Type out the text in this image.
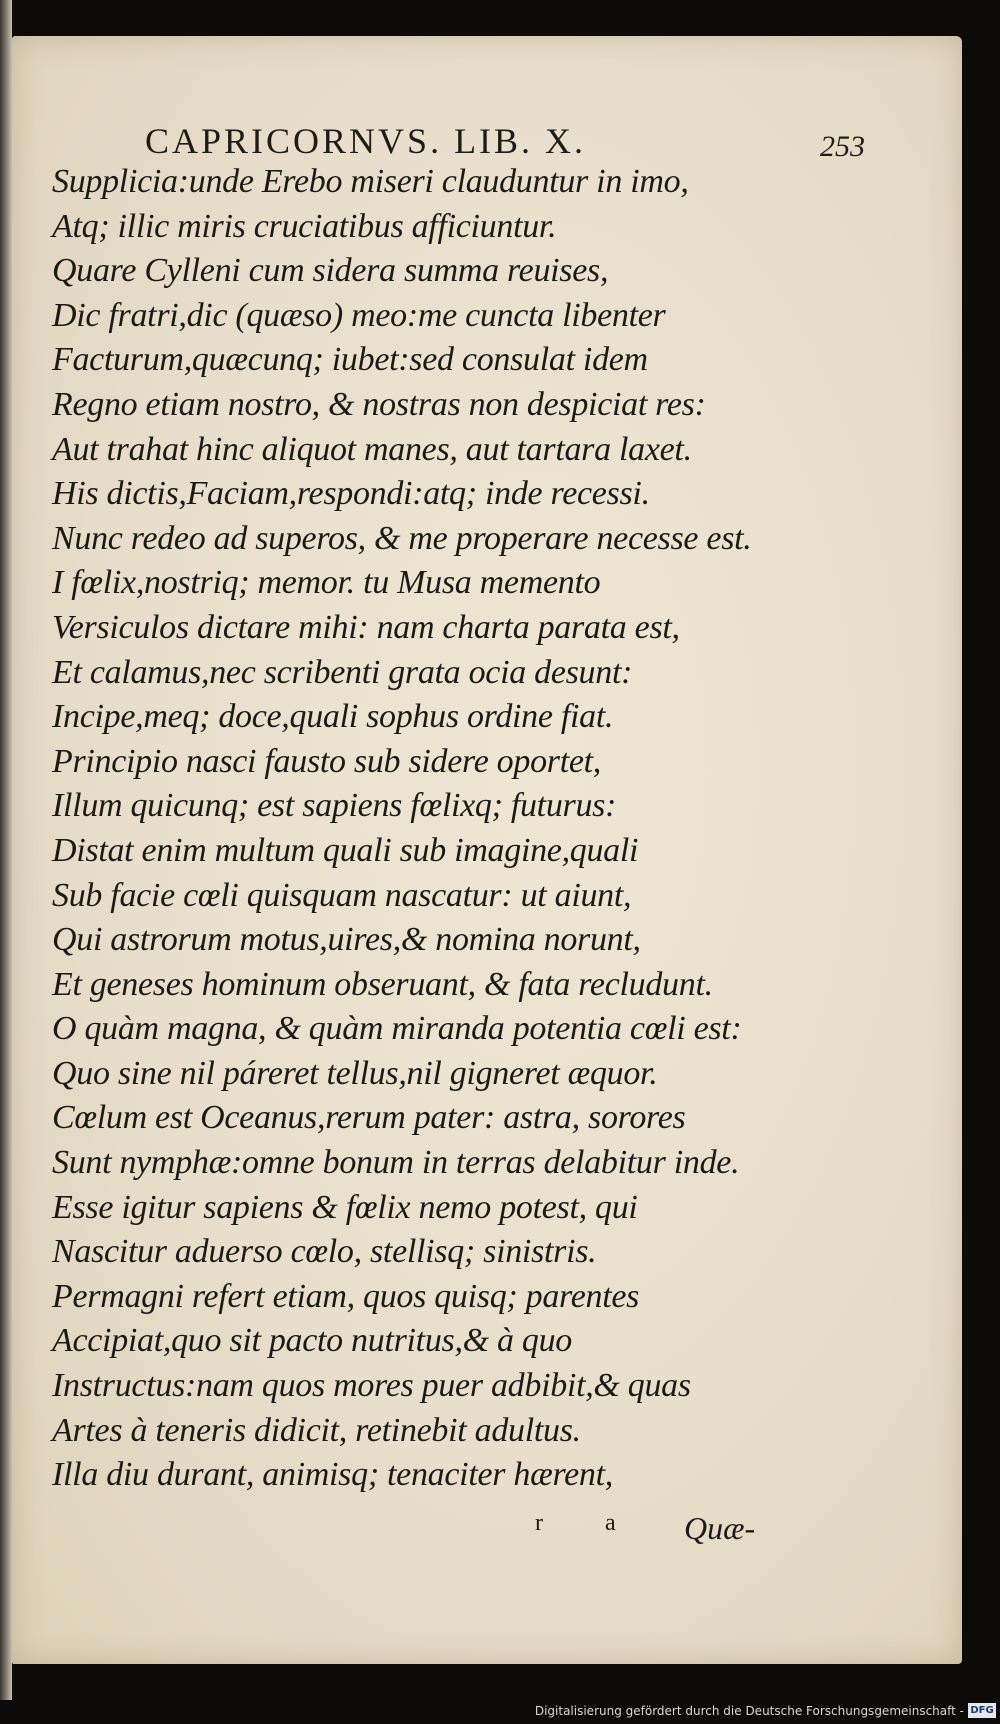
CAPRICORNVS. LIB. X.	253
Supplicia:unde Erebo miseri clauduntur in imo,
Atq; illic miris cruciatibus afficiuntur.
Quare Cylleni cum sidera summa reuises,
Dic fratri,dic (quæso) meo:me cuncta libenter
Facturum,quæcunq; iubet:sed consulat idem
Regno etiam nostro, & nostras non despiciat res:
Aut trahat hinc aliquot manes, aut tartara laxet.
His dictis,Faciam,respondi:atq; inde recessi.
Nunc redeo ad superos, & me properare necesse est.
I fœlix,nostriq; memor. tu Musa memento
Versiculos dictare mihi: nam charta parata est,
Et calamus,nec scribenti grata ocia desunt:
Incipe,meq; doce,quali sophus ordine fiat.
Principio nasci fausto sub sidere oportet,
Illum quicunq; est sapiens fœlixq; futurus:
Distat enim multum quali sub imagine,quali
Sub facie cœli quisquam nascatur: ut aiunt,
Qui astrorum motus,uires,& nomina norunt,
Et geneses hominum obseruant, & fata recludunt.
O quàm magna, & quàm miranda potentia cœli est:
Quo sine nil páreret tellus,nil gigneret æquor.
Cœlum est Oceanus,rerum pater: astra, sorores
Sunt nymphæ:omne bonum in terras delabitur inde.
Esse igitur sapiens & fœlix nemo potest, qui
Nascitur aduerso cœlo, stellisq; sinistris.
Permagni refert etiam, quos quisq; parentes
Accipiat,quo sit pacto nutritus,& à quo
Instructus:nam quos mores puer adbibit,& quas
Artes à teneris didicit, retinebit adultus.
Illa diu durant, animisq; tenaciter hærent,
r a Quæ-
Digitalisierung gefördert durch die Deutsche Forschungsgemeinschaft - DFG
